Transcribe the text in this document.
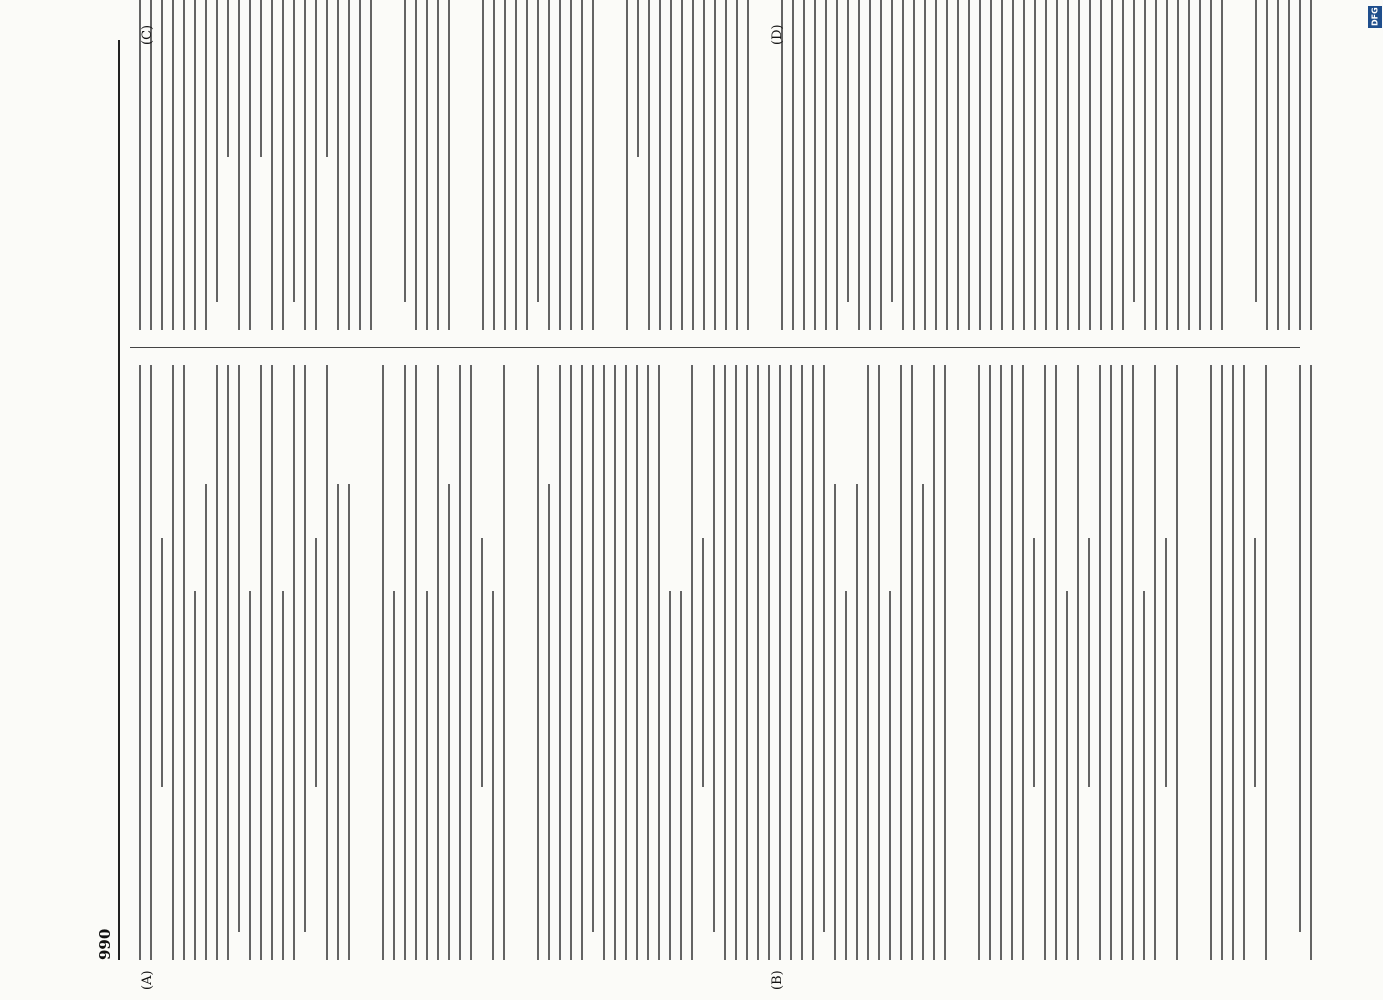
990
(A)	(B)
(C)	(D)
DFG
